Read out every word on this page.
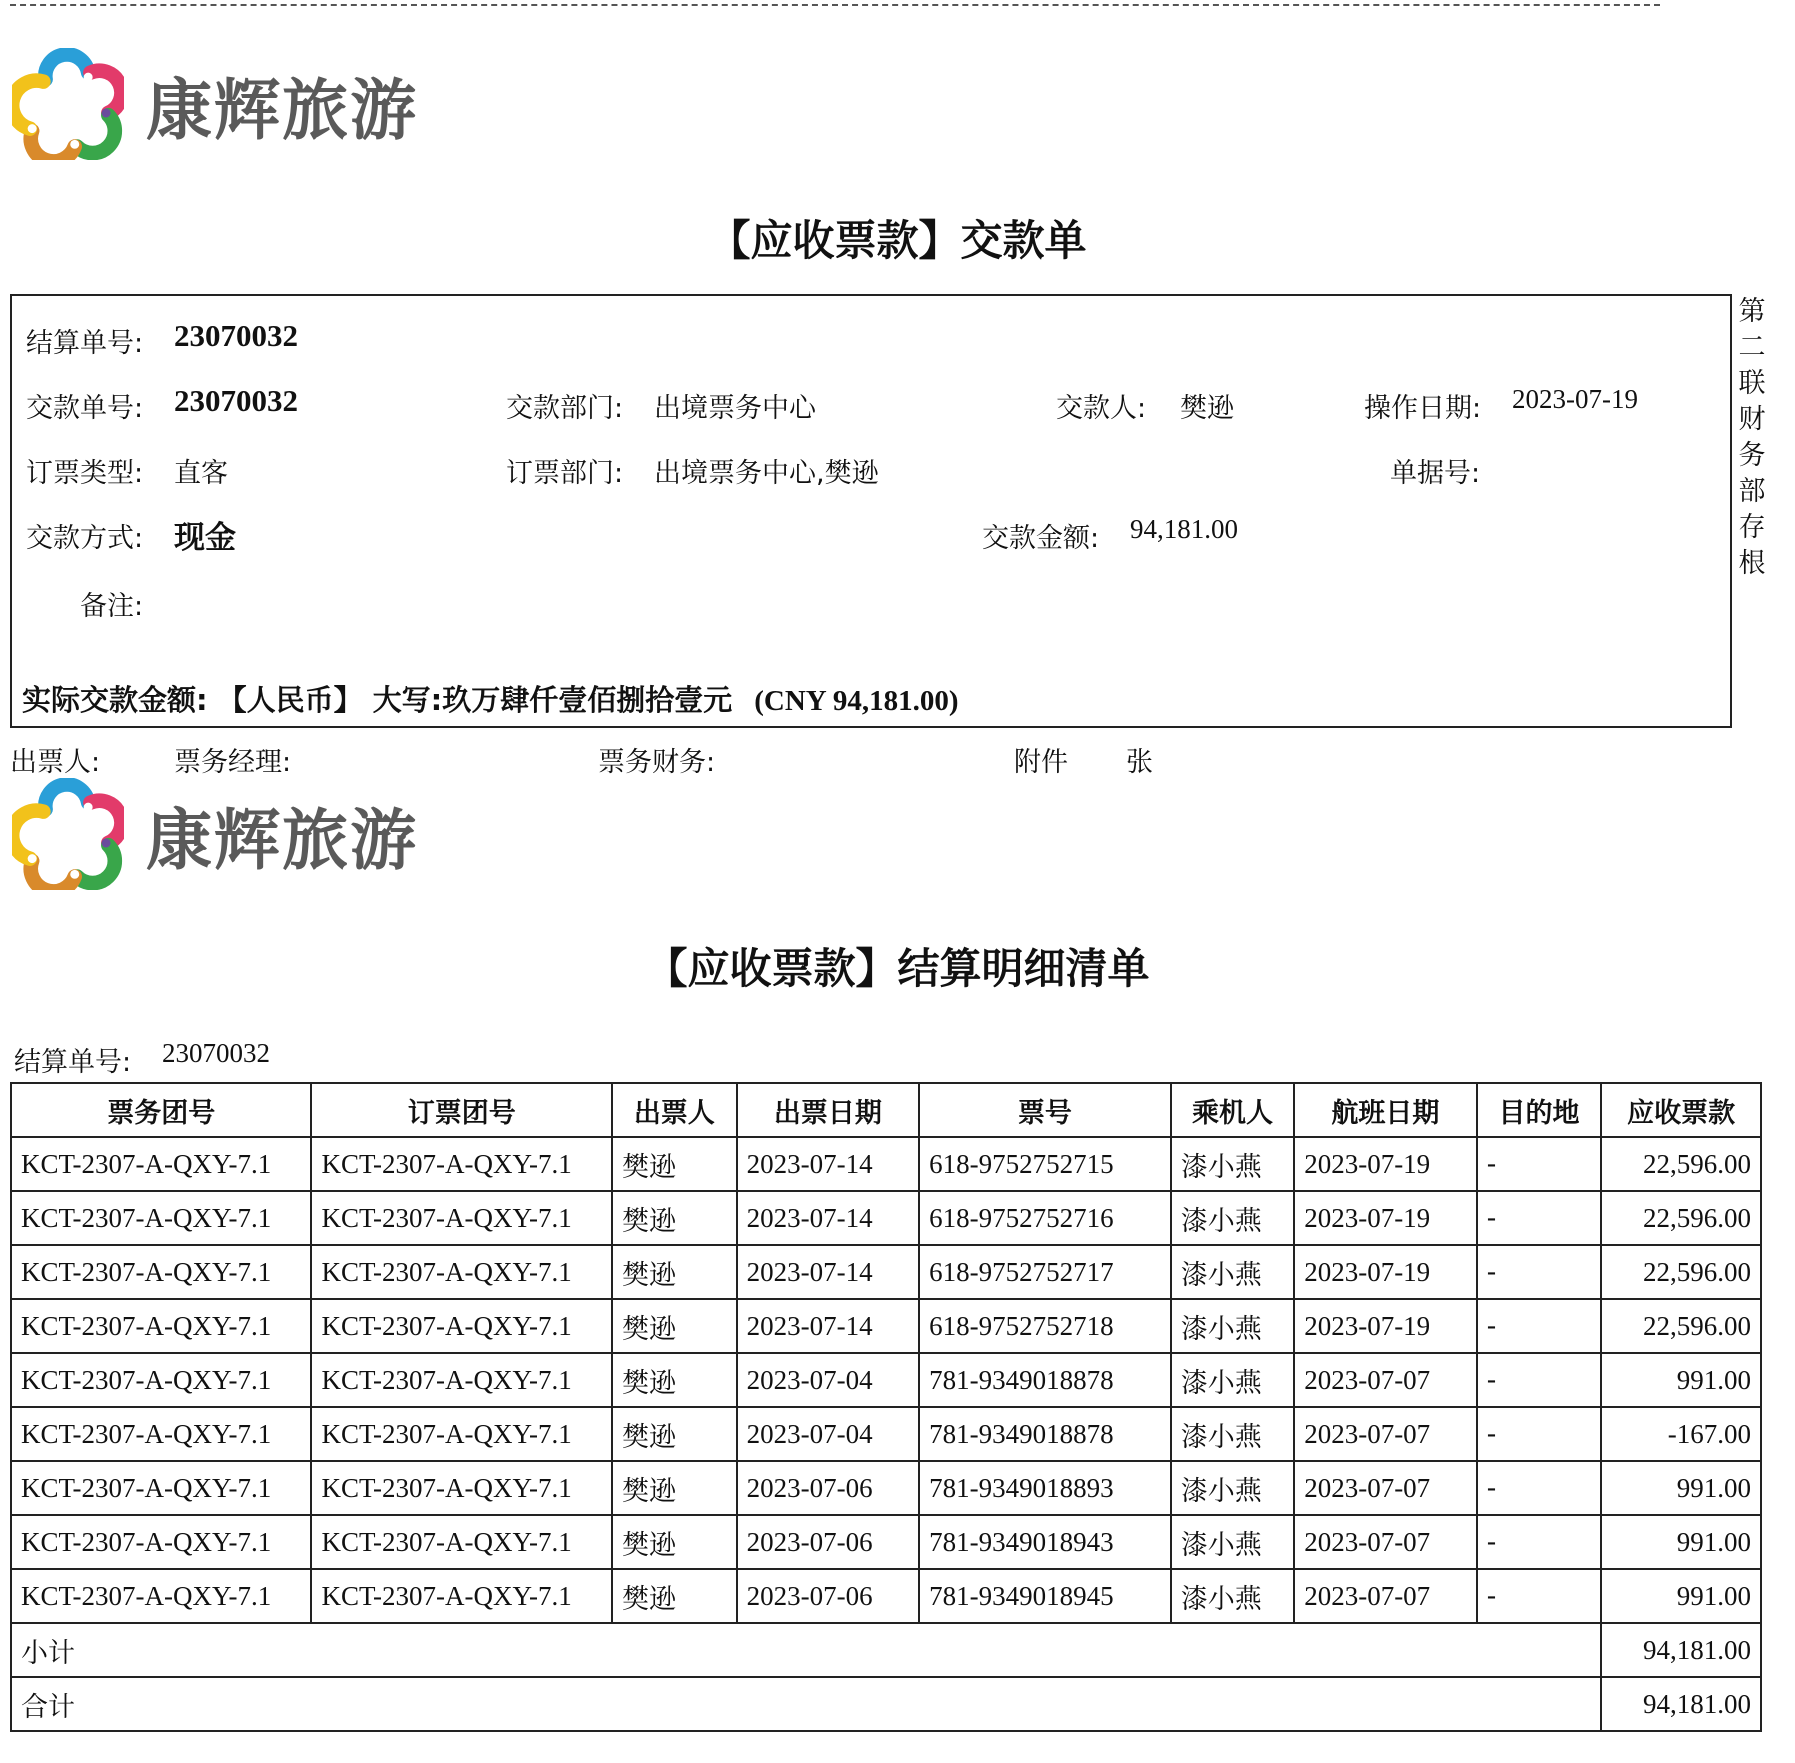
康辉旅游
【应收票款】交款单
结算单号: 23070032
交款单号: 23070032	交款部门: 出境票务中心	交款人: 樊逊	操作日期: 2023-07-19
订票类型: 直客	订票部门: 出境票务中心,樊逊	单据号:
交款方式: 现金	交款金额: 94,181.00
备注:
实际交款金额: 【人民币】 大写:玖万肆仟壹佰捌拾壹元 (CNY 94,181.00)
第
二
联
财
务
部
存
根
出票人:	票务经理:	票务财务:	附件 张
康辉旅游
【应收票款】结算明细清单
结算单号: 23070032
票务团号	订票团号	出票人	出票日期	票号	乘机人	航班日期	目的地	应收票款
KCT-2307-A-QXY-7.1	KCT-2307-A-QXY-7.1	樊逊	2023-07-14	618-9752752715	漆小燕	2023-07-19	-	22,596.00
KCT-2307-A-QXY-7.1	KCT-2307-A-QXY-7.1	樊逊	2023-07-14	618-9752752716	漆小燕	2023-07-19	-	22,596.00
KCT-2307-A-QXY-7.1	KCT-2307-A-QXY-7.1	樊逊	2023-07-14	618-9752752717	漆小燕	2023-07-19	-	22,596.00
KCT-2307-A-QXY-7.1	KCT-2307-A-QXY-7.1	樊逊	2023-07-14	618-9752752718	漆小燕	2023-07-19	-	22,596.00
KCT-2307-A-QXY-7.1	KCT-2307-A-QXY-7.1	樊逊	2023-07-04	781-9349018878	漆小燕	2023-07-07	-	991.00
KCT-2307-A-QXY-7.1	KCT-2307-A-QXY-7.1	樊逊	2023-07-04	781-9349018878	漆小燕	2023-07-07	-	-167.00
KCT-2307-A-QXY-7.1	KCT-2307-A-QXY-7.1	樊逊	2023-07-06	781-9349018893	漆小燕	2023-07-07	-	991.00
KCT-2307-A-QXY-7.1	KCT-2307-A-QXY-7.1	樊逊	2023-07-06	781-9349018943	漆小燕	2023-07-07	-	991.00
KCT-2307-A-QXY-7.1	KCT-2307-A-QXY-7.1	樊逊	2023-07-06	781-9349018945	漆小燕	2023-07-07	-	991.00
小计								94,181.00
合计								94,181.00
